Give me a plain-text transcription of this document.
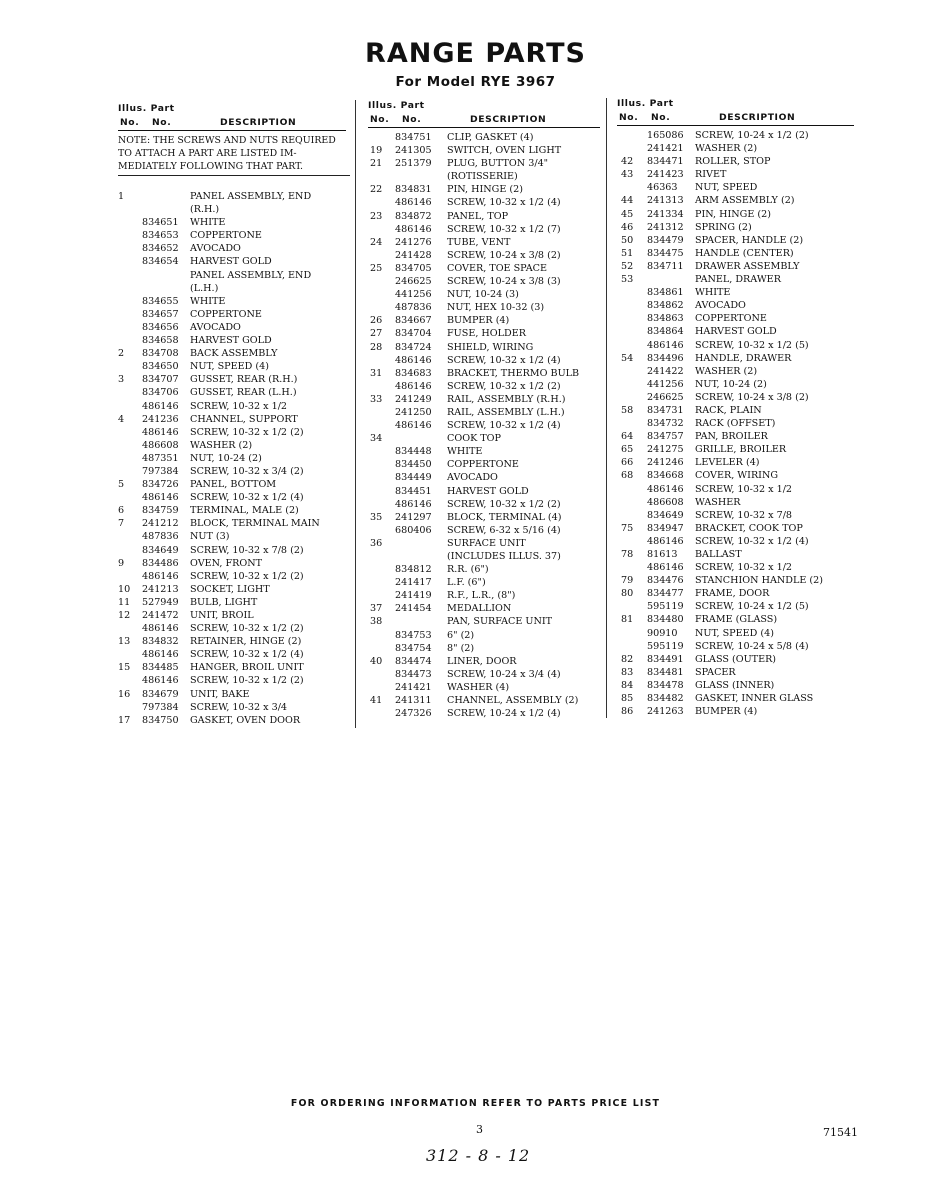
RANGE PARTS
For Model RYE 3967
Illus. Part
No. No.	DESCRIPTION
NOTE: THE SCREWS AND NUTS REQUIRED TO ATTACH A PART ARE LISTED IM- MEDIATELY FOLLOWING THAT PART.
1	PANEL ASSEMBLY, END
(R.H.)
834651	WHITE
834653	COPPERTONE
834652	AVOCADO
834654	HARVEST GOLD
PANEL ASSEMBLY, END
(L.H.)
834655	WHITE
834657	COPPERTONE
834656	AVOCADO
834658	HARVEST GOLD
2	834708	BACK ASSEMBLY
834650	NUT, SPEED (4)
3	834707	GUSSET, REAR (R.H.)
834706	GUSSET, REAR (L.H.)
486146	SCREW, 10-32 x 1/2
4	241236	CHANNEL, SUPPORT
486146	SCREW, 10-32 x 1/2 (2)
486608	WASHER (2)
487351	NUT, 10-24 (2)
797384	SCREW, 10-32 x 3/4 (2)
5	834726	PANEL, BOTTOM
486146	SCREW, 10-32 x 1/2 (4)
6	834759	TERMINAL, MALE (2)
7	241212	BLOCK, TERMINAL MAIN
487836	NUT (3)
834649	SCREW, 10-32 x 7/8 (2)
9	834486	OVEN, FRONT
486146	SCREW, 10-32 x 1/2 (2)
10	241213	SOCKET, LIGHT
11	527949	BULB, LIGHT
12	241472	UNIT, BROIL
486146	SCREW, 10-32 x 1/2 (2)
13	834832	RETAINER, HINGE (2)
486146	SCREW, 10-32 x 1/2 (4)
15	834485	HANGER, BROIL UNIT
486146	SCREW, 10-32 x 1/2 (2)
16	834679	UNIT, BAKE
797384	SCREW, 10-32 x 3/4
17	834750	GASKET, OVEN DOOR
Illus. Part
No. No.	DESCRIPTION
834751	CLIP, GASKET (4)
19	241305	SWITCH, OVEN LIGHT
21	251379	PLUG, BUTTON 3/4"
(ROTISSERIE)
22	834831	PIN, HINGE (2)
486146	SCREW, 10-32 x 1/2 (4)
23	834872	PANEL, TOP
486146	SCREW, 10-32 x 1/2 (7)
24	241276	TUBE, VENT
241428	SCREW, 10-24 x 3/8 (2)
25	834705	COVER, TOE SPACE
246625	SCREW, 10-24 x 3/8 (3)
441256	NUT, 10-24 (3)
487836	NUT, HEX 10-32 (3)
26	834667	BUMPER (4)
27	834704	FUSE, HOLDER
28	834724	SHIELD, WIRING
486146	SCREW, 10-32 x 1/2 (4)
31	834683	BRACKET, THERMO BULB
486146	SCREW, 10-32 x 1/2 (2)
33	241249	RAIL, ASSEMBLY (R.H.)
241250	RAIL, ASSEMBLY (L.H.)
486146	SCREW, 10-32 x 1/2 (4)
34	COOK TOP
834448	WHITE
834450	COPPERTONE
834449	AVOCADO
834451	HARVEST GOLD
486146	SCREW, 10-32 x 1/2 (2)
35	241297	BLOCK, TERMINAL (4)
680406	SCREW, 6-32 x 5/16 (4)
36	SURFACE UNIT
(INCLUDES ILLUS. 37)
834812	R.R. (6")
241417	L.F. (6")
241419	R.F., L.R., (8")
37	241454	MEDALLION
38	PAN, SURFACE UNIT
834753	6" (2)
834754	8" (2)
40	834474	LINER, DOOR
834473	SCREW, 10-24 x 3/4 (4)
241421	WASHER (4)
41	241311	CHANNEL, ASSEMBLY (2)
247326	SCREW, 10-24 x 1/2 (4)
Illus. Part
No. No.	DESCRIPTION
165086	SCREW, 10-24 x 1/2 (2)
241421	WASHER (2)
42	834471	ROLLER, STOP
43	241423	RIVET
46363	NUT, SPEED
44	241313	ARM ASSEMBLY (2)
45	241334	PIN, HINGE (2)
46	241312	SPRING (2)
50	834479	SPACER, HANDLE (2)
51	834475	HANDLE (CENTER)
52	834711	DRAWER ASSEMBLY
53	PANEL, DRAWER
834861	WHITE
834862	AVOCADO
834863	COPPERTONE
834864	HARVEST GOLD
486146	SCREW, 10-32 x 1/2 (5)
54	834496	HANDLE, DRAWER
241422	WASHER (2)
441256	NUT, 10-24 (2)
246625	SCREW, 10-24 x 3/8 (2)
58	834731	RACK, PLAIN
834732	RACK (OFFSET)
64	834757	PAN, BROILER
65	241275	GRILLE, BROILER
66	241246	LEVELER (4)
68	834668	COVER, WIRING
486146	SCREW, 10-32 x 1/2
486608	WASHER
834649	SCREW, 10-32 x 7/8
75	834947	BRACKET, COOK TOP
486146	SCREW, 10-32 x 1/2 (4)
78	81613	BALLAST
486146	SCREW, 10-32 x 1/2
79	834476	STANCHION HANDLE (2)
80	834477	FRAME, DOOR
595119	SCREW, 10-24 x 1/2 (5)
81	834480	FRAME (GLASS)
90910	NUT, SPEED (4)
595119	SCREW, 10-24 x 5/8 (4)
82	834491	GLASS (OUTER)
83	834481	SPACER
84	834478	GLASS (INNER)
85	834482	GASKET, INNER GLASS
86	241263	BUMPER (4)
FOR ORDERING INFORMATION REFER TO PARTS PRICE LIST
3	71541
312 - 8 - 12
